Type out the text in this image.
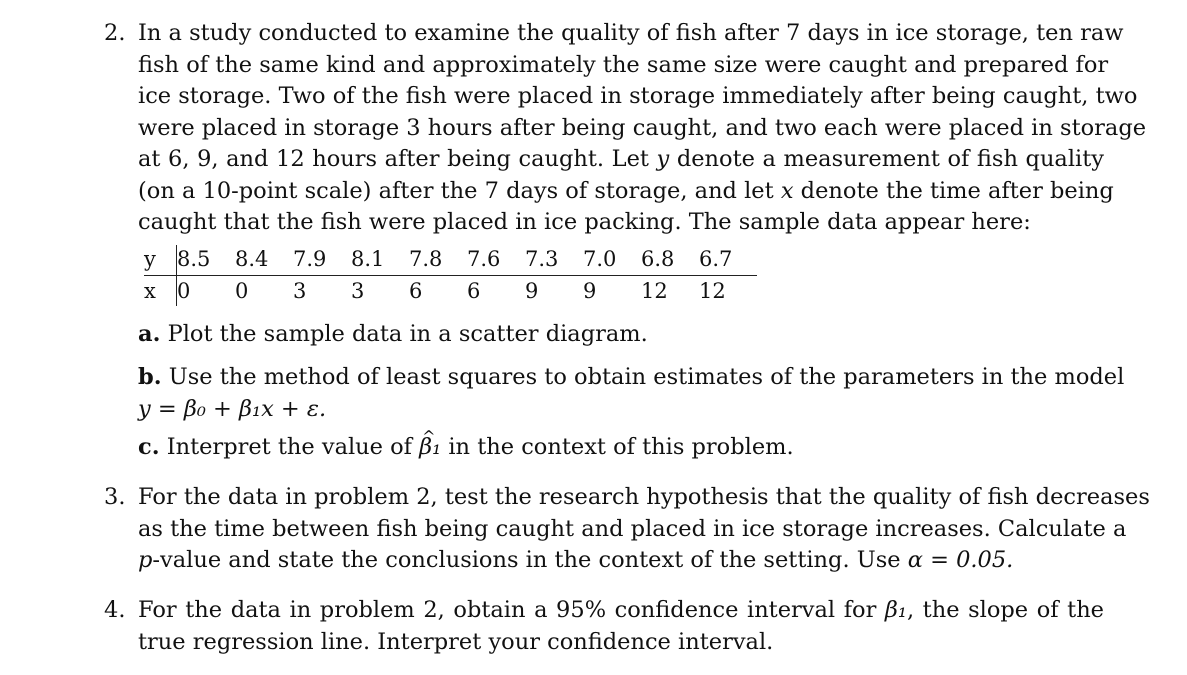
2. In a study conducted to examine the quality of fish after 7 days in ice storage, ten raw
fish of the same kind and approximately the same size were caught and prepared for
ice storage. Two of the fish were placed in storage immediately after being caught, two
were placed in storage 3 hours after being caught, and two each were placed in storage
at 6, 9, and 12 hours after being caught. Let y denote a measurement of fish quality
(on a 10-point scale) after the 7 days of storage, and let x denote the time after being
caught that the fish were placed in ice packing. The sample data appear here:
y	8.5	8.4	7.9	8.1	7.8	7.6	7.3	7.0	6.8	6.7
x	0	0	3	3	6	6	9	9	12	12
a. Plot the sample data in a scatter diagram.
b. Use the method of least squares to obtain estimates of the parameters in the model
y = β₀ + β₁x + ε.
c. Interpret the value of β₁ ^ in the context of this problem.
3. For the data in problem 2, test the research hypothesis that the quality of fish decreases
as the time between fish being caught and placed in ice storage increases. Calculate a
p-value and state the conclusions in the context of the setting. Use α = 0.05.
4. For the data in problem 2, obtain a 95% confidence interval for β₁, the slope of the
true regression line. Interpret your confidence interval.
